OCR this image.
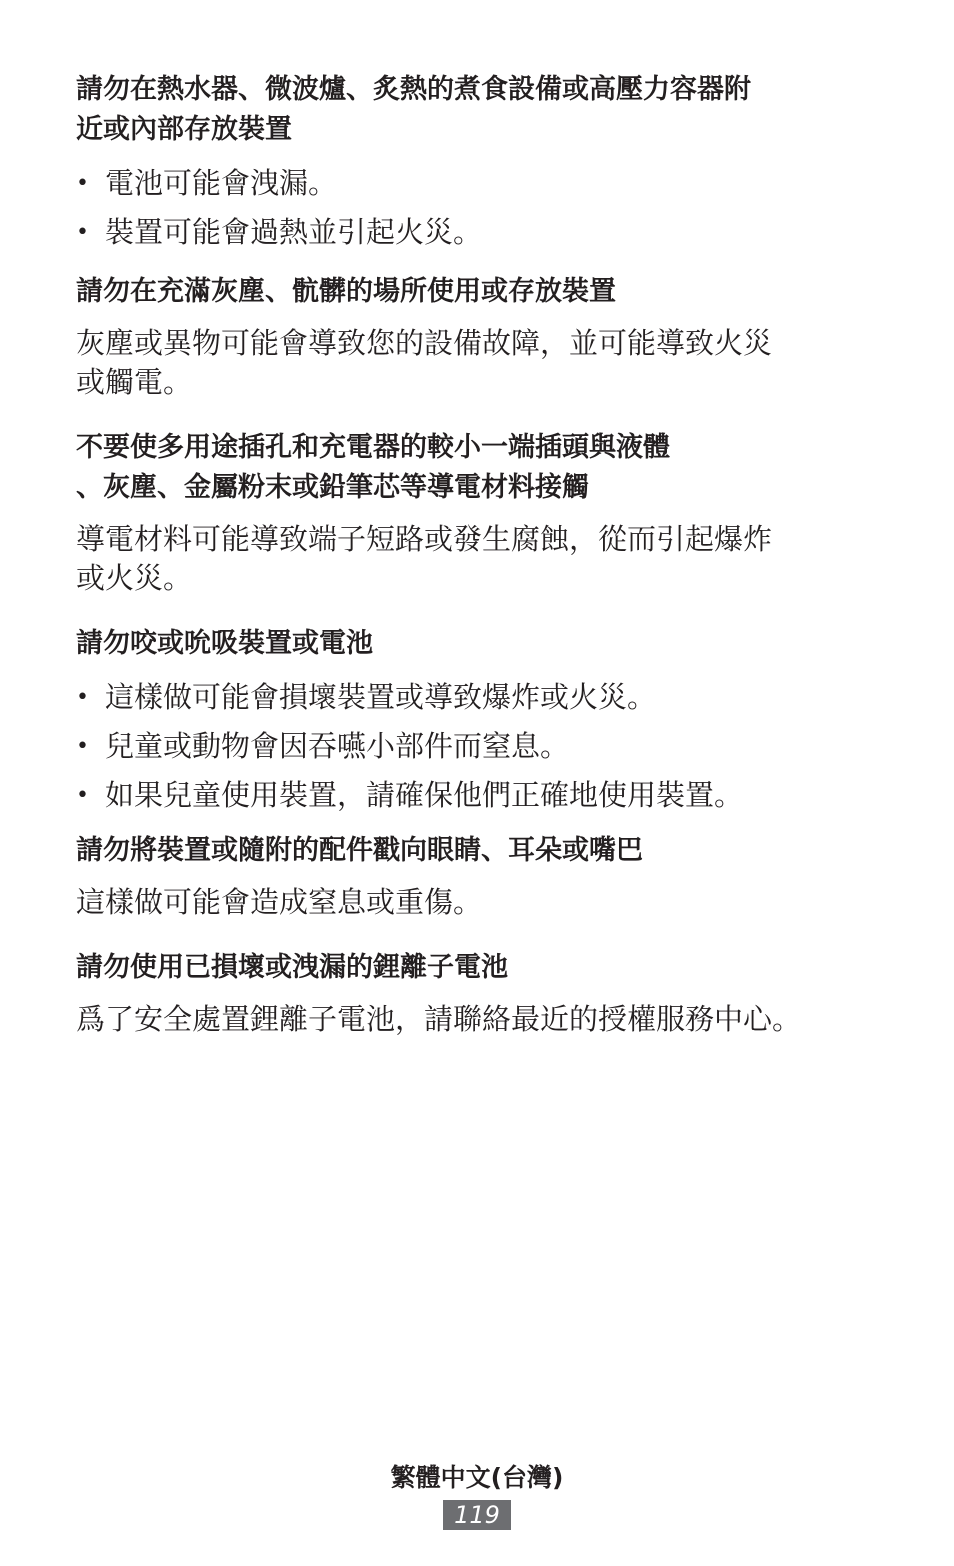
請勿在熱水器、微波爐、炙熱的煮食設備或高壓力容器附
近或內部存放裝置
• 電池可能會洩漏。
• 裝置可能會過熱並引起火災。
請勿在充滿灰塵、骯髒的場所使用或存放裝置

灰塵或異物可能會導致您的設備故障，並可能導致火災
或觸電。

不要使多用途插孔和充電器的較小一端插頭與液體
、灰塵、金屬粉末或鉛筆芯等導電材料接觸

導電材料可能導致端子短路或發生腐蝕，從而引起爆炸
或火災。

請勿咬或吮吸裝置或電池
• 這樣做可能會損壞裝置或導致爆炸或火災。
• 兒童或動物會因吞嚥小部件而窒息。
• 如果兒童使用裝置，請確保他們正確地使用裝置。
請勿將裝置或隨附的配件戳向眼睛、耳朵或嘴巴

這樣做可能會造成窒息或重傷。

請勿使用已損壞或洩漏的鋰離子電池

爲了安全處置鋰離子電池，請聯絡最近的授權服務中心。

繁體中文(台灣)
119
